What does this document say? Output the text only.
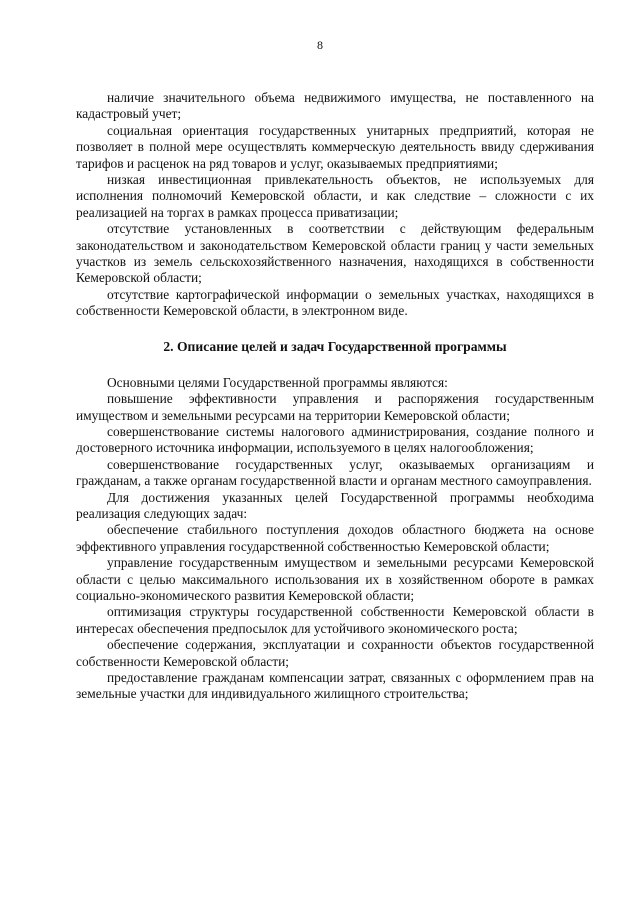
8

наличие значительного объема недвижимого имущества, не поставленного на кадастровый учет;

социальная ориентация государственных унитарных предприятий, которая не позволяет в полной мере осуществлять коммерческую деятельность ввиду сдерживания тарифов и расценок на ряд товаров и услуг, оказываемых предприятиями;

низкая инвестиционная привлекательность объектов, не используемых для исполнения полномочий Кемеровской области, и как следствие – сложности с их реализацией на торгах в рамках процесса приватизации;

отсутствие установленных в соответствии с действующим федеральным законодательством и законодательством Кемеровской области границ у части земельных участков из земель сельскохозяйственного назначения, находящихся в собственности Кемеровской области;

отсутствие картографической информации о земельных участках, находящихся в собственности Кемеровской области, в электронном виде.

2. Описание целей и задач Государственной программы

Основными целями Государственной программы являются:

повышение эффективности управления и распоряжения государственным имуществом и земельными ресурсами на территории Кемеровской области;

совершенствование системы налогового администрирования, создание полного и достоверного источника информации, используемого в целях налогообложения;

совершенствование государственных услуг, оказываемых организациям и гражданам, а также органам государственной власти и органам местного самоуправления.

Для достижения указанных целей Государственной программы необходима реализация следующих задач:

обеспечение стабильного поступления доходов областного бюджета на основе эффективного управления государственной собственностью Кемеровской области;

управление государственным имуществом и земельными ресурсами Кемеровской области с целью максимального использования их в хозяйственном обороте в рамках социально-экономического развития Кемеровской области;

оптимизация структуры государственной собственности Кемеровской области в интересах обеспечения предпосылок для устойчивого экономического роста;

обеспечение содержания, эксплуатации и сохранности объектов государственной собственности Кемеровской области;

предоставление гражданам компенсации затрат, связанных с оформлением прав на земельные участки для индивидуального жилищного строительства;
